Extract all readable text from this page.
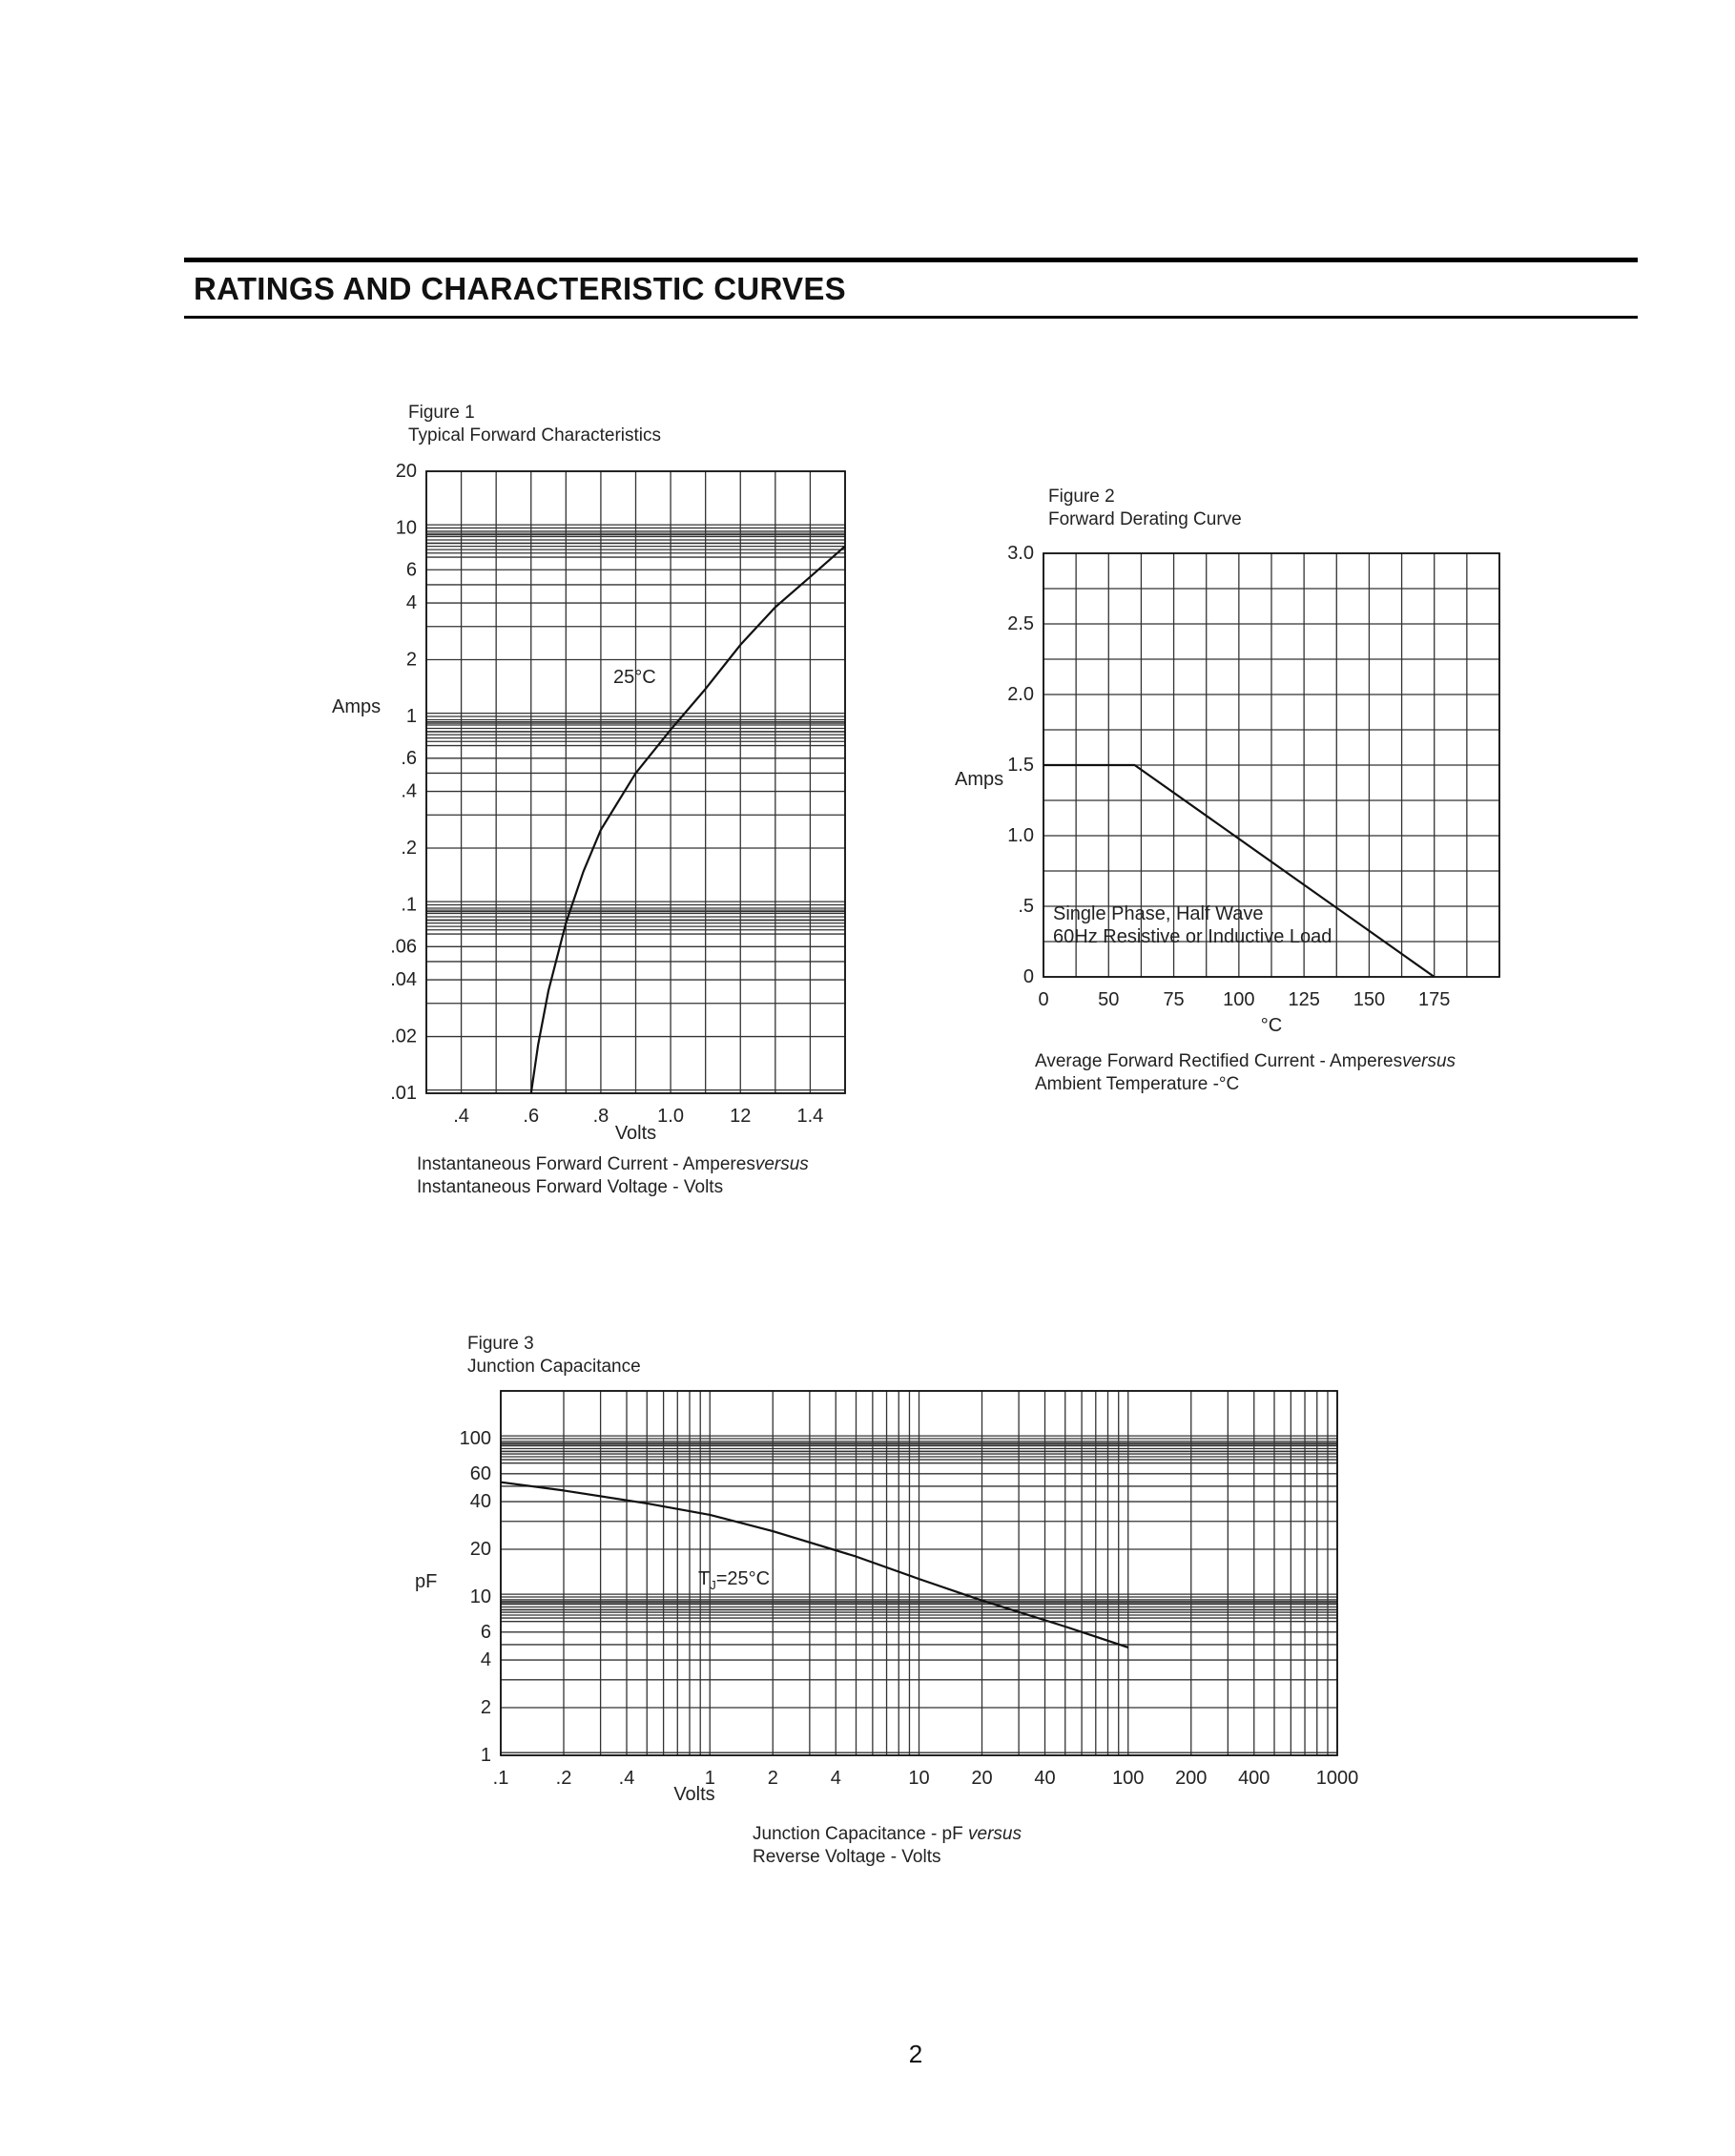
RATINGS AND CHARACTERISTIC CURVES
Figure 1
Typical Forward Characteristics
.01
.02
.04
.06
.1
.2
.4
.6
1
2
4
6
10
20
.4	.6	.8	1.0 12 1.4
Volts
Amps
25°C
Instantaneous Forward Current - Amperesversus
Instantaneous Forward Voltage - Volts
Figure 2
Forward Derating Curve
0
.5
1.0
1.5
2.0
2.5
3.0
0	50 75 100 125 150 175
°C
Amps
Single Phase, Half Wave
60Hz Resistive or Inductive Load
Average Forward Rectified Current - Amperesversus
Ambient Temperature -°C
Figure 3
Junction Capacitance
1
2
4
6
10
20
40
60
100
.1 .2 .4	1	2	4	10 20 40	100 200 400 1000
Volts
pF	$T_J=25^\circ C$
Junction Capacitance - pF versus
Reverse Voltage - Volts
2
